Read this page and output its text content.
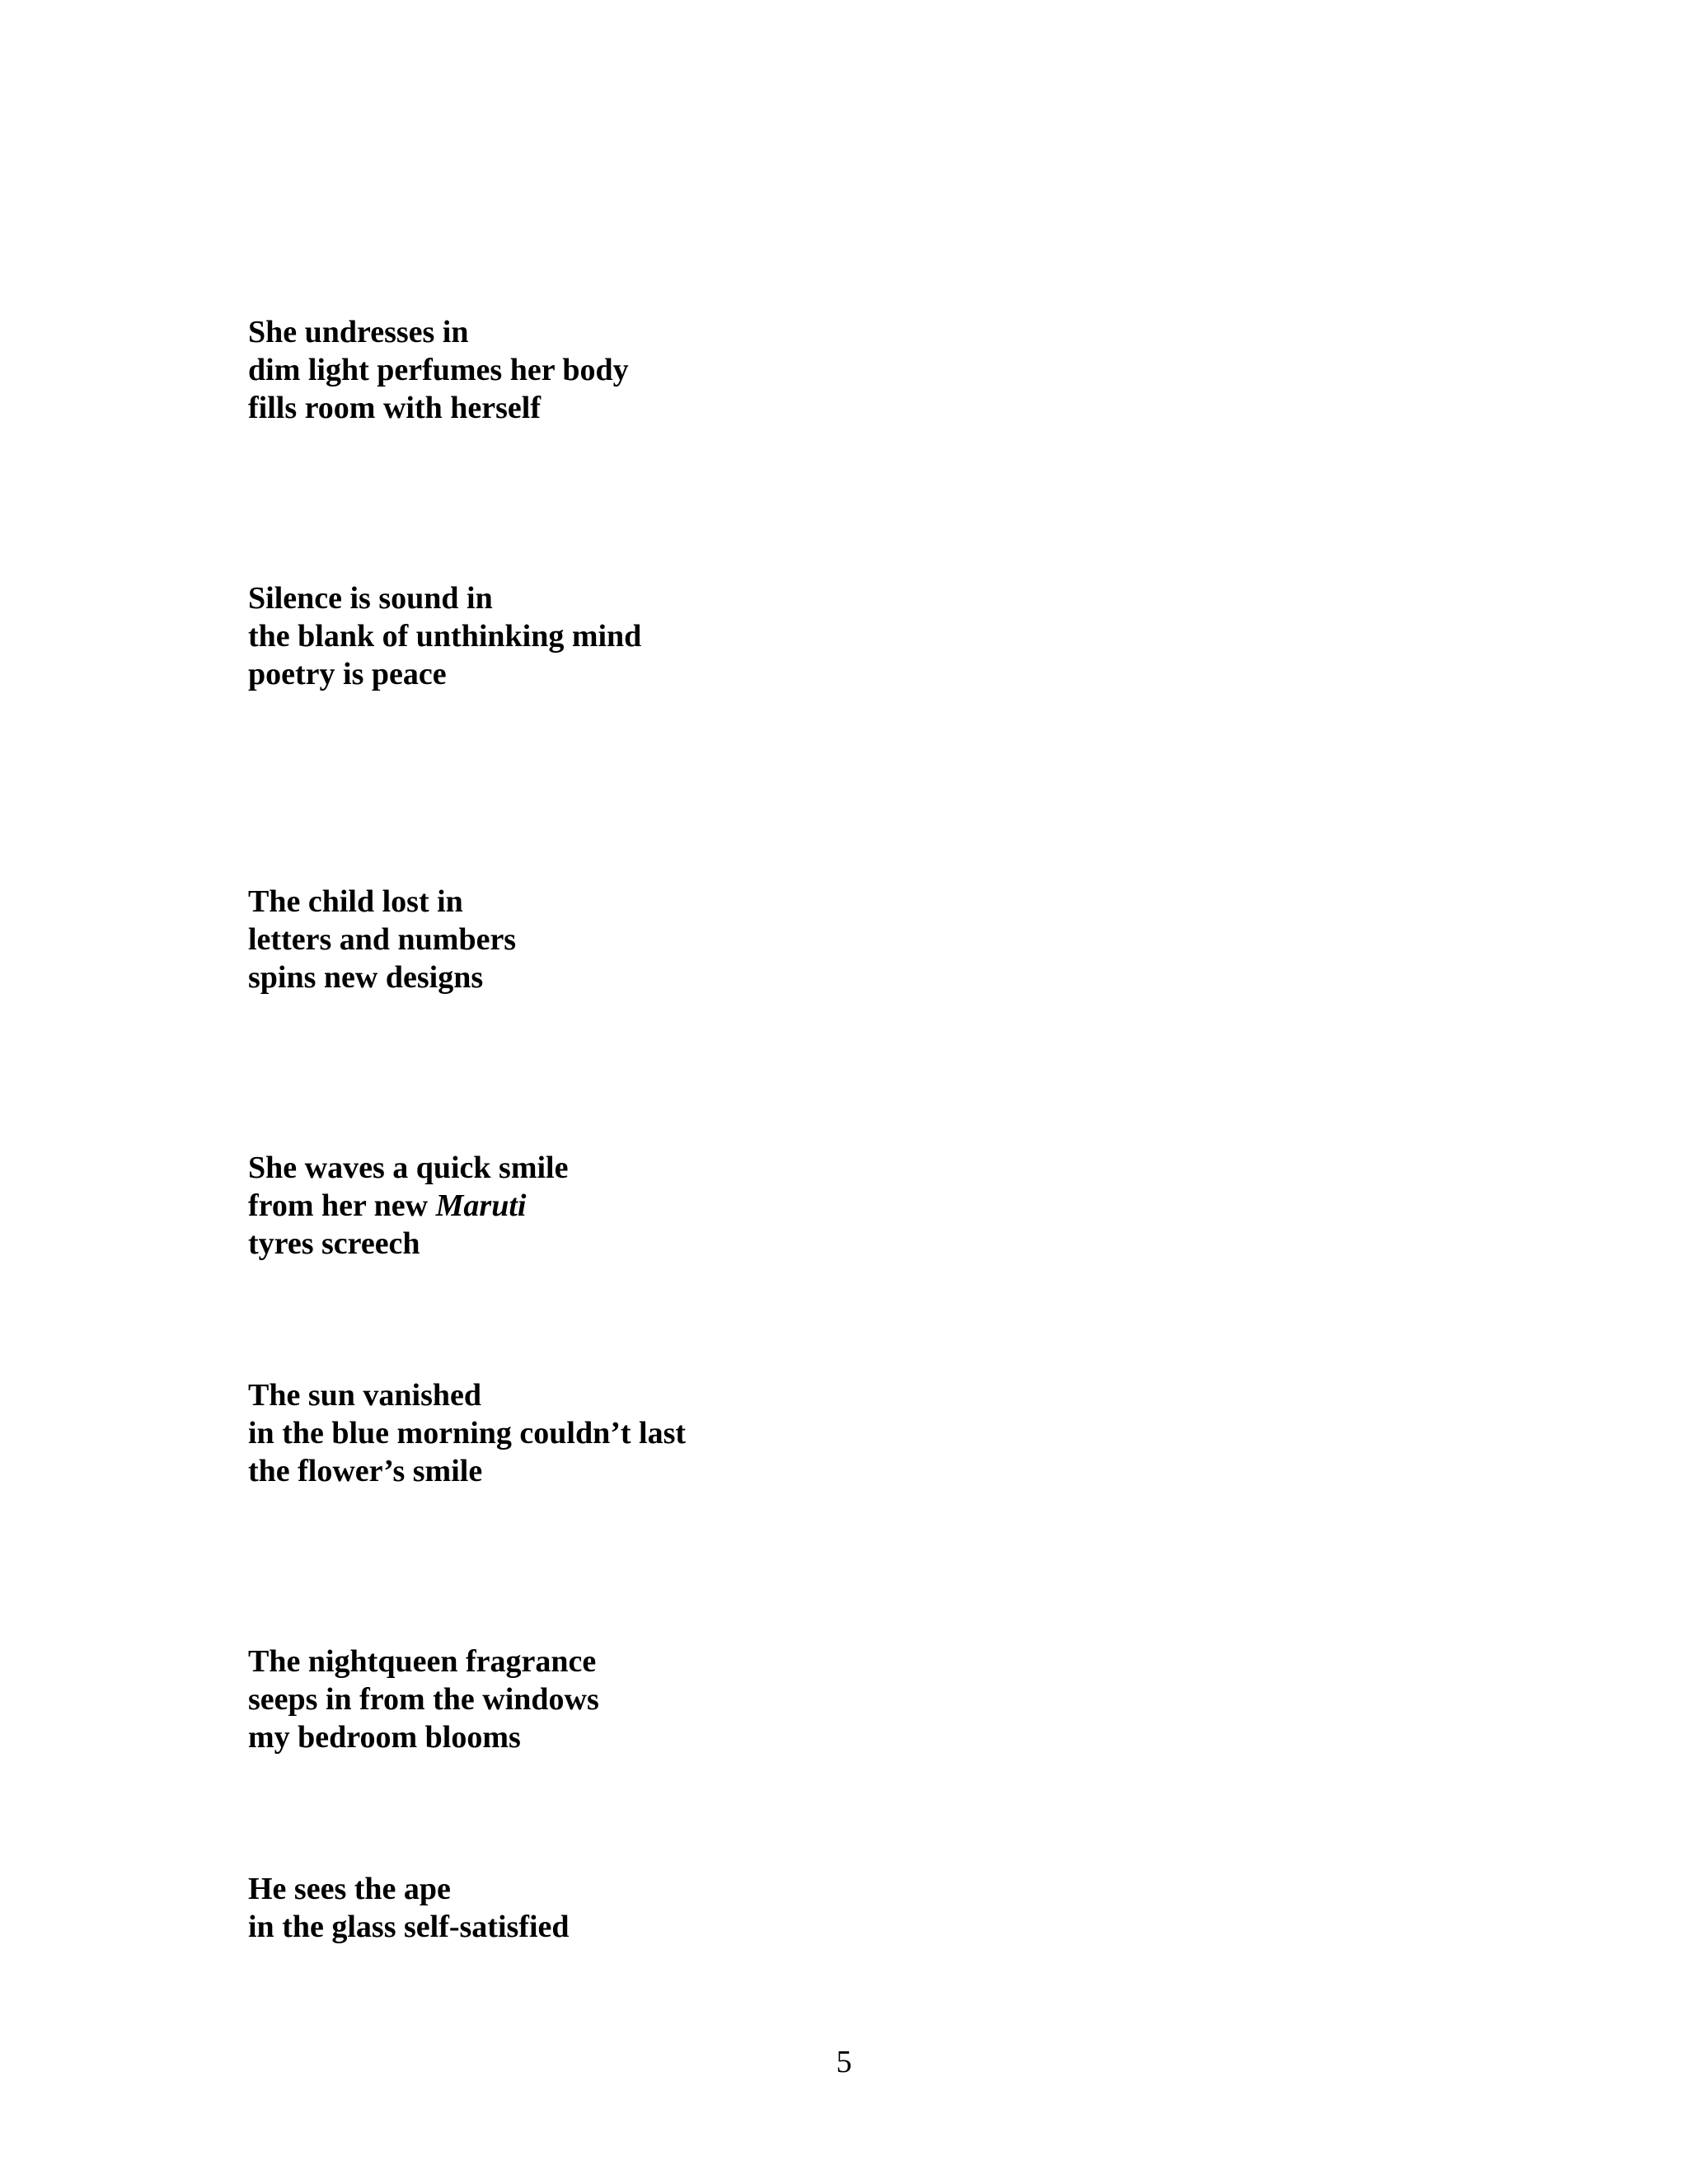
She undresses in
dim light perfumes her body
fills room with herself
Silence is sound in
the blank of unthinking mind
poetry is peace
The child lost in
letters and numbers
spins new designs
She waves a quick smile
from her new Maruti
tyres screech
The sun vanished
in the blue morning couldn’t last
the flower’s smile
The nightqueen fragrance
seeps in from the windows
my bedroom blooms
He sees the ape
in the glass self-satisfied
5
